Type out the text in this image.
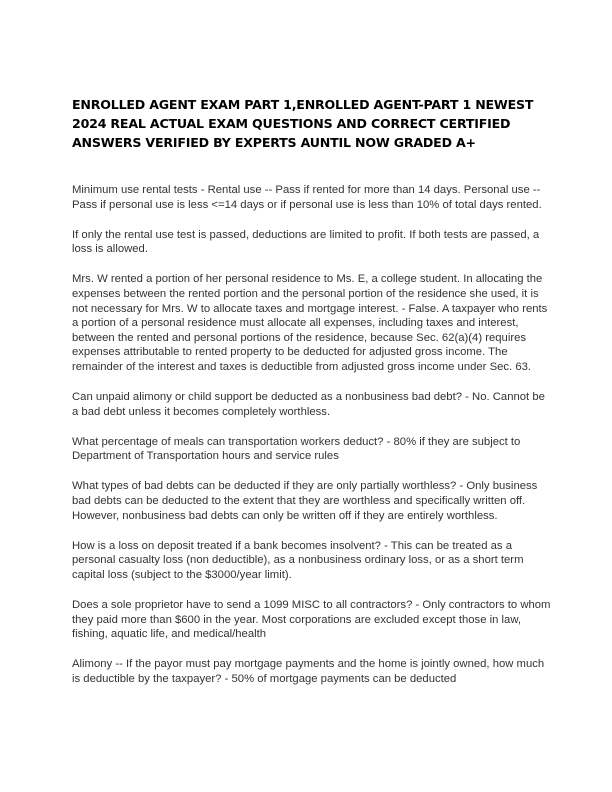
ENROLLED AGENT EXAM PART 1,ENROLLED AGENT-PART 1 NEWEST 2024 REAL ACTUAL EXAM QUESTIONS AND CORRECT CERTIFIED ANSWERS VERIFIED BY EXPERTS AUNTIL NOW GRADED A+

Minimum use rental tests - Rental use -- Pass if rented for more than 14 days. Personal use -- Pass if personal use is less <=14 days or if personal use is less than 10% of total days rented.

If only the rental use test is passed, deductions are limited to profit. If both tests are passed, a loss is allowed.

Mrs. W rented a portion of her personal residence to Ms. E, a college student. In allocating the expenses between the rented portion and the personal portion of the residence she used, it is not necessary for Mrs. W to allocate taxes and mortgage interest. - False. A taxpayer who rents a portion of a personal residence must allocate all expenses, including taxes and interest, between the rented and personal portions of the residence, because Sec. 62(a)(4) requires expenses attributable to rented property to be deducted for adjusted gross income. The remainder of the interest and taxes is deductible from adjusted gross income under Sec. 63.

Can unpaid alimony or child support be deducted as a nonbusiness bad debt? - No. Cannot be a bad debt unless it becomes completely worthless.

What percentage of meals can transportation workers deduct? - 80% if they are subject to Department of Transportation hours and service rules

What types of bad debts can be deducted if they are only partially worthless? - Only business bad debts can be deducted to the extent that they are worthless and specifically written off. However, nonbusiness bad debts can only be written off if they are entirely worthless.

How is a loss on deposit treated if a bank becomes insolvent? - This can be treated as a personal casualty loss (non deductible), as a nonbusiness ordinary loss, or as a short term capital loss (subject to the $3000/year limit).

Does a sole proprietor have to send a 1099 MISC to all contractors? - Only contractors to whom they paid more than $600 in the year. Most corporations are excluded except those in law, fishing, aquatic life, and medical/health

Alimony -- If the payor must pay mortgage payments and the home is jointly owned, how much is deductible by the taxpayer? - 50% of mortgage payments can be deducted
